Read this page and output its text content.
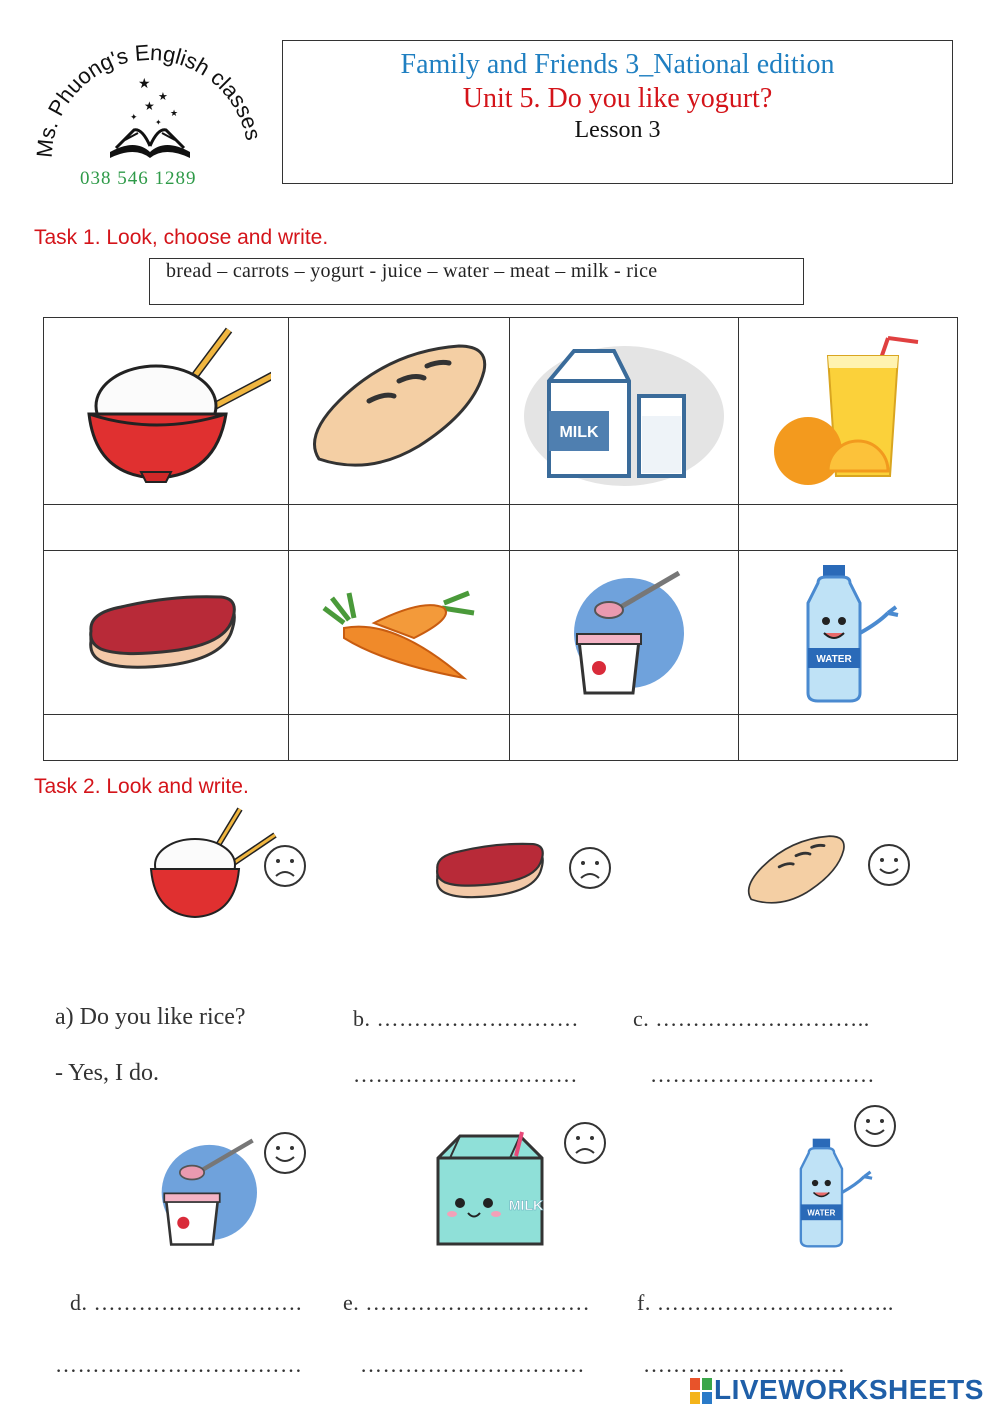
Ms. Phuong's English classes
★
★
★ ★
✦
✦
038 546 1289
Family and Friends 3_National edition
Unit 5. Do you like yogurt?
Lesson 3
Task 1. Look, choose and write.
bread – carrots – yogurt - juice – water – meat – milk - rice

MILK

WATER

Task 2. Look and write.
a) Do you like rice?
- Yes, I do.
b. ………………………
…………………………
c. ………………………..
…………………………
MILK	WATER
d. ……………………….
……………………………
e. …………………………
…………………………
f. …………………………..
………………………
LIVEWORKSHEETS
